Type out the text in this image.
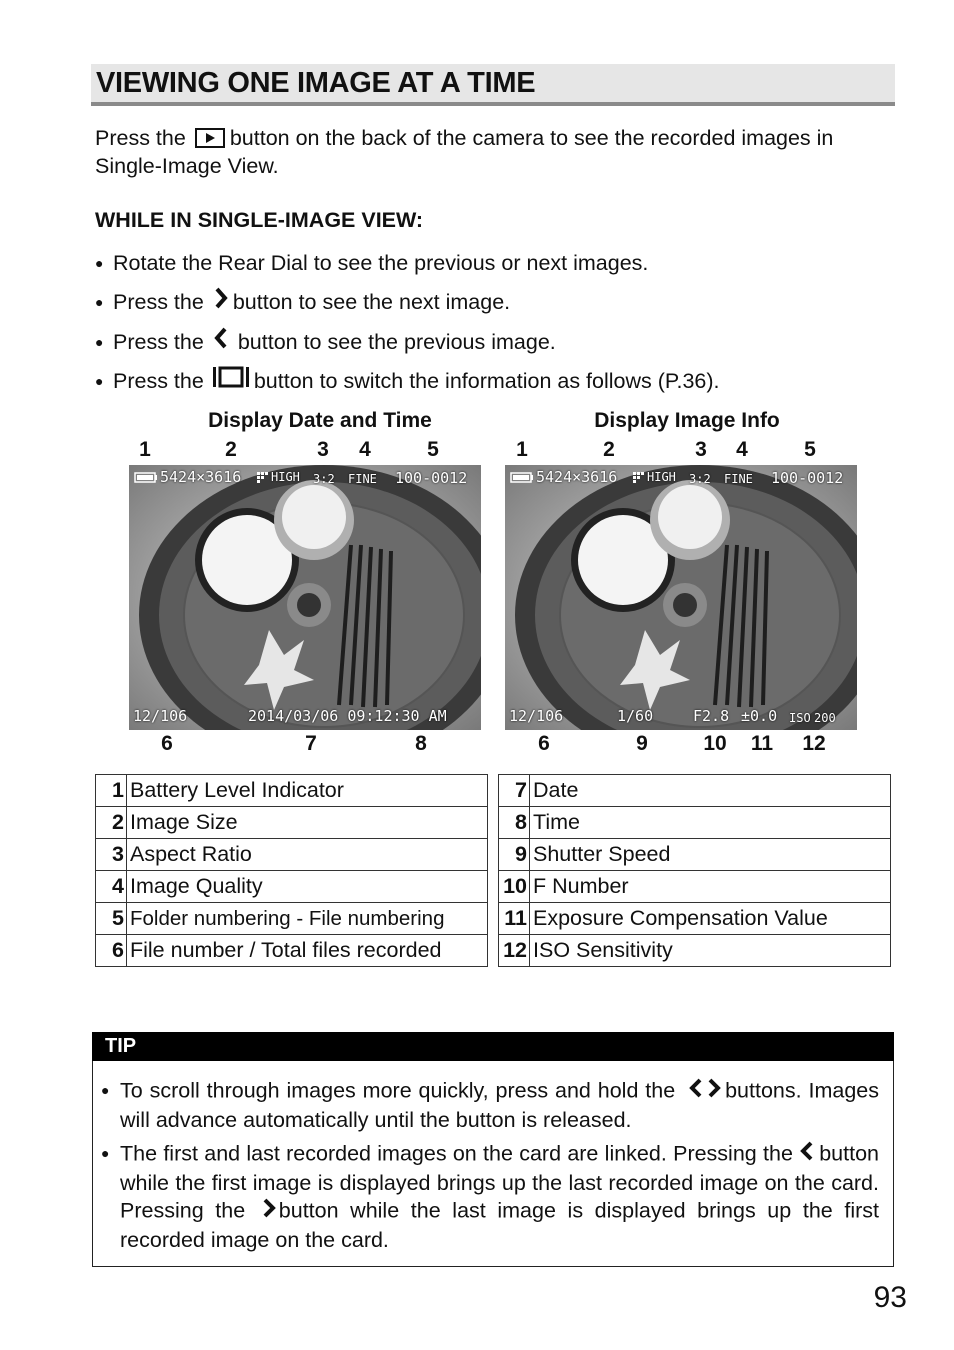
VIEWING ONE IMAGE AT A TIME
Press the button on the back of the camera to see the recorded images in Single-Image View.
WHILE IN SINGLE-IMAGE VIEW:
● Rotate the Rear Dial to see the previous or next images.
● Press the button to see the next image.
● Press the button to see the previous image.
● Press the button to switch the information as follows (P.36).
Display Date and Time	Display Image Info
1	2	3	4	5	1	2	3	4	5
5424×3616	HIGH 3:2 FINE 100-0012
12/106	2014/03/06 09:12:30 AM
5424×3616	HIGH 3:2 FINE 100-0012
12/106	1/60	F2.8 ±0.0 ISO 200
6	7	8	6	9	10 11 12
1	Battery Level Indicator
2	Image Size
3	Aspect Ratio
4	Image Quality
5	Folder numbering - File numbering
6	File number / Total files recorded
7	Date
8	Time
9	Shutter Speed
10	F Number
11	Exposure Compensation Value
12	ISO Sensitivity
TIP
● To scroll through images more quickly, press and hold the buttons. Images will advance automatically until the button is released.
● The first and last recorded images on the card are linked. Pressing the button while the first image is displayed brings up the last recorded image on the card. Pressing the button while the last image is displayed brings up the first recorded image on the card.
93
